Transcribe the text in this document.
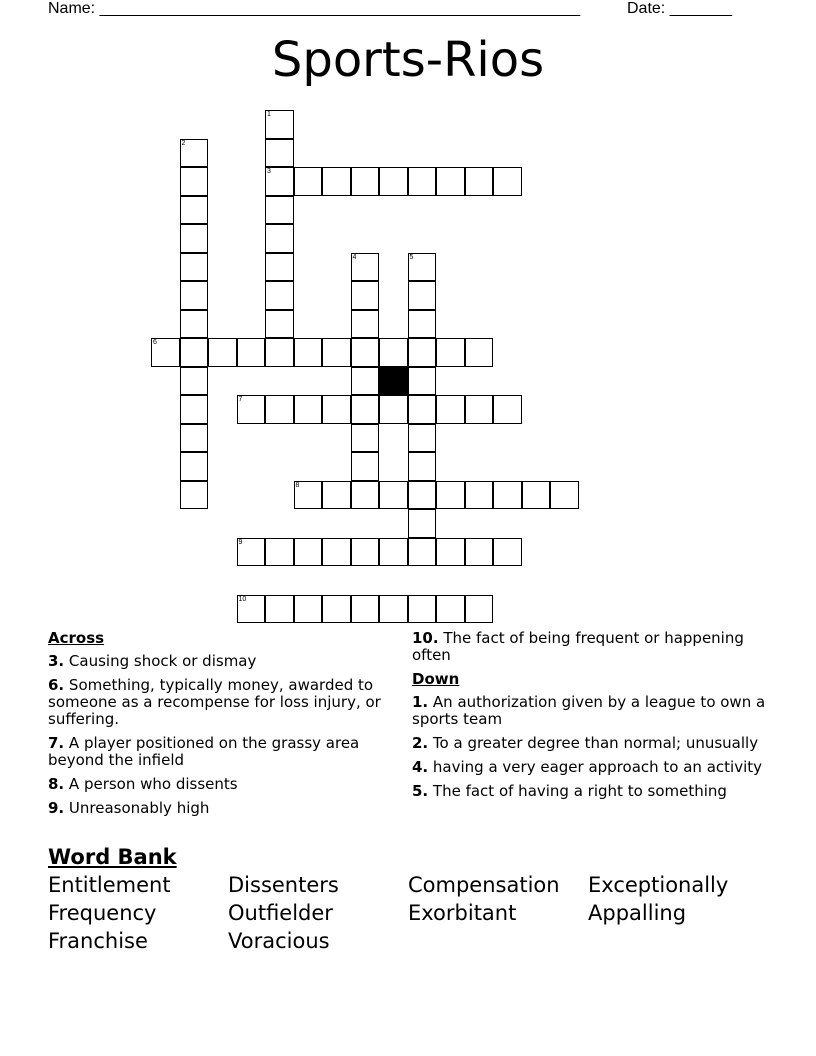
Name: ______________________________________________________	Date: _______
Sports-Rios
3
6
7
8
9
10
1
2
4	5
Across
3. Causing shock or dismay
6. Something, typically money, awarded to someone as a recompense for loss injury, or suffering.
7. A player positioned on the grassy area beyond the infield
8. A person who dissents
9. Unreasonably high
10. The fact of being frequent or happening often
Down
1. An authorization given by a league to own a sports team
2. To a greater degree than normal; unusually
4. having a very eager approach to an activity
5. The fact of having a right to something
Word Bank
Entitlement	Dissenters	Compensation	Exceptionally
Frequency	Outfielder	Exorbitant	Appalling
Franchise	Voracious
